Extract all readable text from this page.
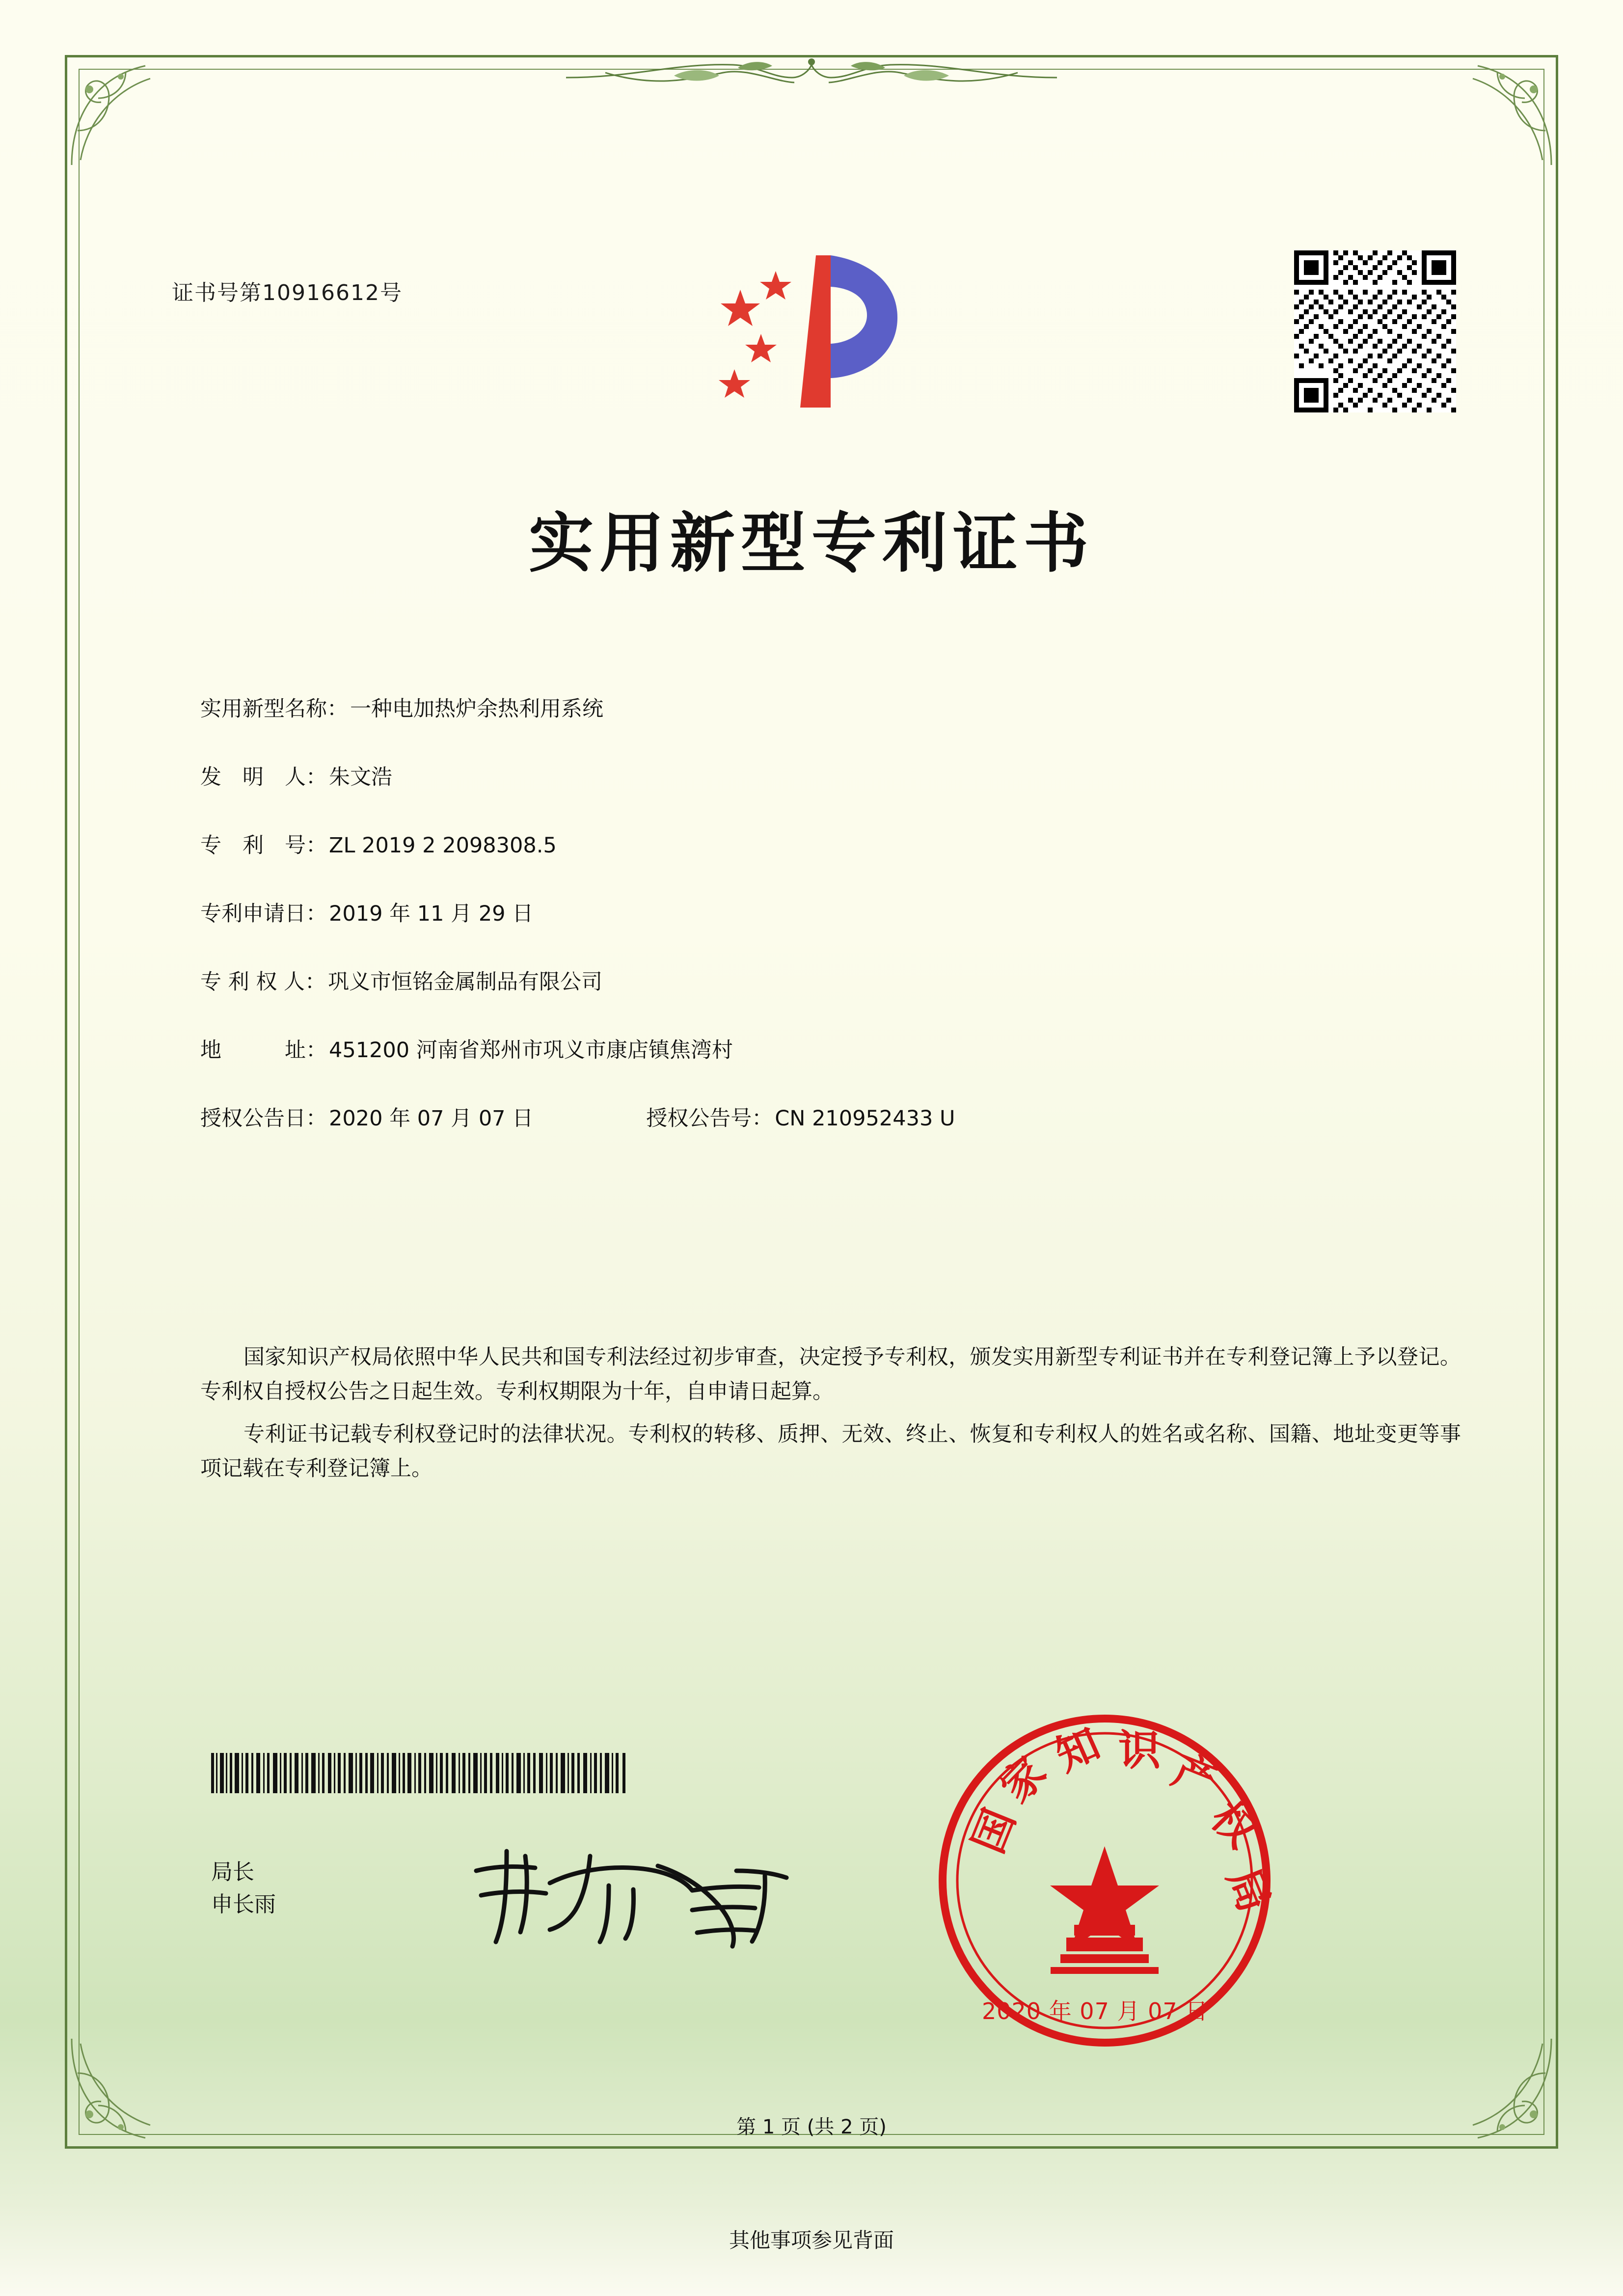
证书号第10916612号
实用新型专利证书
实用新型名称： 一种电加热炉余热利用系统
发　明　人： 朱文浩
专　利　号： ZL 2019 2 2098308.5
专利申请日： 2019 年 11 月 29 日
专 利 权 人： 巩义市恒铭金属制品有限公司
地　　　址： 451200 河南省郑州市巩义市康店镇焦湾村
授权公告日： 2020 年 07 月 07 日	授权公告号： CN 210952433 U

国家知识产权局依照中华人民共和国专利法经过初步审查，决定授予专利权，颁发实用新型专利证书并在专利登记簿上予以登记。专利权自授权公告之日起生效。专利权期限为十年，自申请日起算。

专利证书记载专利权登记时的法律状况。专利权的转移、质押、无效、终止、恢复和专利权人的姓名或名称、国籍、地址变更等事项记载在专利登记簿上。

局长
申长雨
国
家
知 识 产
权
局
2020 年 07 月 07 日
第 1 页 (共 2 页)
其他事项参见背面
